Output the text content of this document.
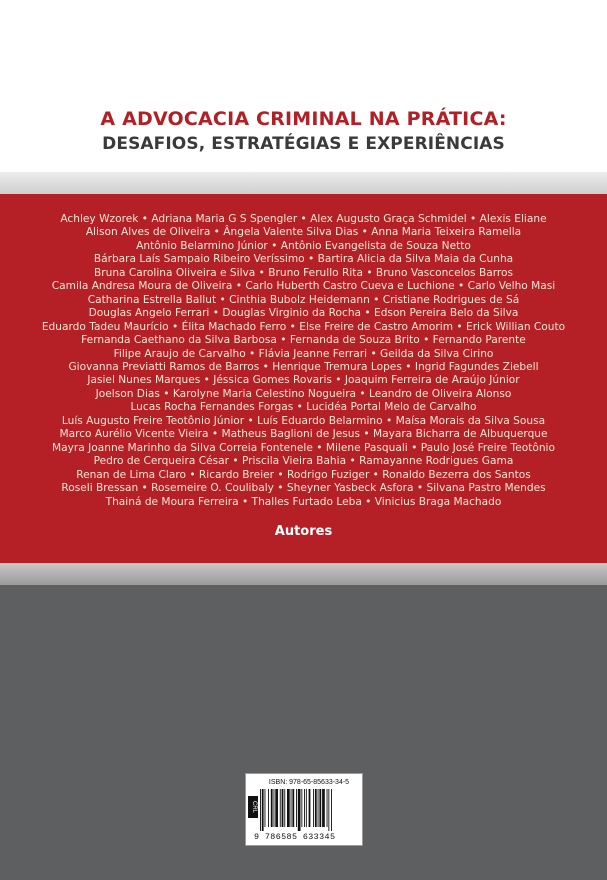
A ADVOCACIA CRIMINAL NA PRÁTICA:
DESAFIOS, ESTRATÉGIAS E EXPERIÊNCIAS
Achley Wzorek • Adriana Maria G S Spengler • Alex Augusto Graça Schmidel • Alexis Eliane
Alison Alves de Oliveira • Ângela Valente Silva Dias • Anna Maria Teixeira Ramella
Antônio Belarmino Júnior • Antônio Evangelista de Souza Netto
Bárbara Laís Sampaio Ribeiro Veríssimo • Bartira Alicia da Silva Maia da Cunha
Bruna Carolina Oliveira e Silva • Bruno Ferullo Rita • Bruno Vasconcelos Barros
Camila Andresa Moura de Oliveira • Carlo Huberth Castro Cueva e Luchione • Carlo Velho Masi
Catharina Estrella Ballut • Cinthia Bubolz Heidemann • Cristiane Rodrigues de Sá
Douglas Angelo Ferrari • Douglas Virginio da Rocha • Edson Pereira Belo da Silva
Eduardo Tadeu Maurício • Élita Machado Ferro • Else Freire de Castro Amorim • Erick Willian Couto
Fernanda Caethano da Silva Barbosa • Fernanda de Souza Brito • Fernando Parente
Filipe Araujo de Carvalho • Flávia Jeanne Ferrari • Geilda da Silva Cirino
Giovanna Previatti Ramos de Barros • Henrique Tremura Lopes • Ingrid Fagundes Ziebell
Jasiel Nunes Marques • Jéssica Gomes Rovaris • Joaquim Ferreira de Araújo Júnior
Joelson Dias • Karolyne Maria Celestino Nogueira • Leandro de Oliveira Alonso
Lucas Rocha Fernandes Forgas • Lucidéa Portal Melo de Carvalho
Luís Augusto Freire Teotônio Júnior • Luís Eduardo Belarmino • Maísa Morais da Silva Sousa
Marco Aurélio Vicente Vieira • Matheus Baglioni de Jesus • Mayara Bicharra de Albuquerque
Mayra Joanne Marinho da Silva Correia Fontenele • Milene Pasquali • Paulo José Freire Teotônio
Pedro de Cerqueira César • Priscila Vieira Bahia • Ramayanne Rodrigues Gama
Renan de Lima Claro • Ricardo Breier • Rodrigo Fuziger • Ronaldo Bezerra dos Santos
Roseli Bressan • Rosemeire O. Coulibaly • Sheyner Yasbeck Asfora • Silvana Pastro Mendes
Thainá de Moura Ferreira • Thalles Furtado Leba • Vinicius Braga Machado
Autores
ISBN: 978-65-85633-34-5
CRL
9 786585 633345
